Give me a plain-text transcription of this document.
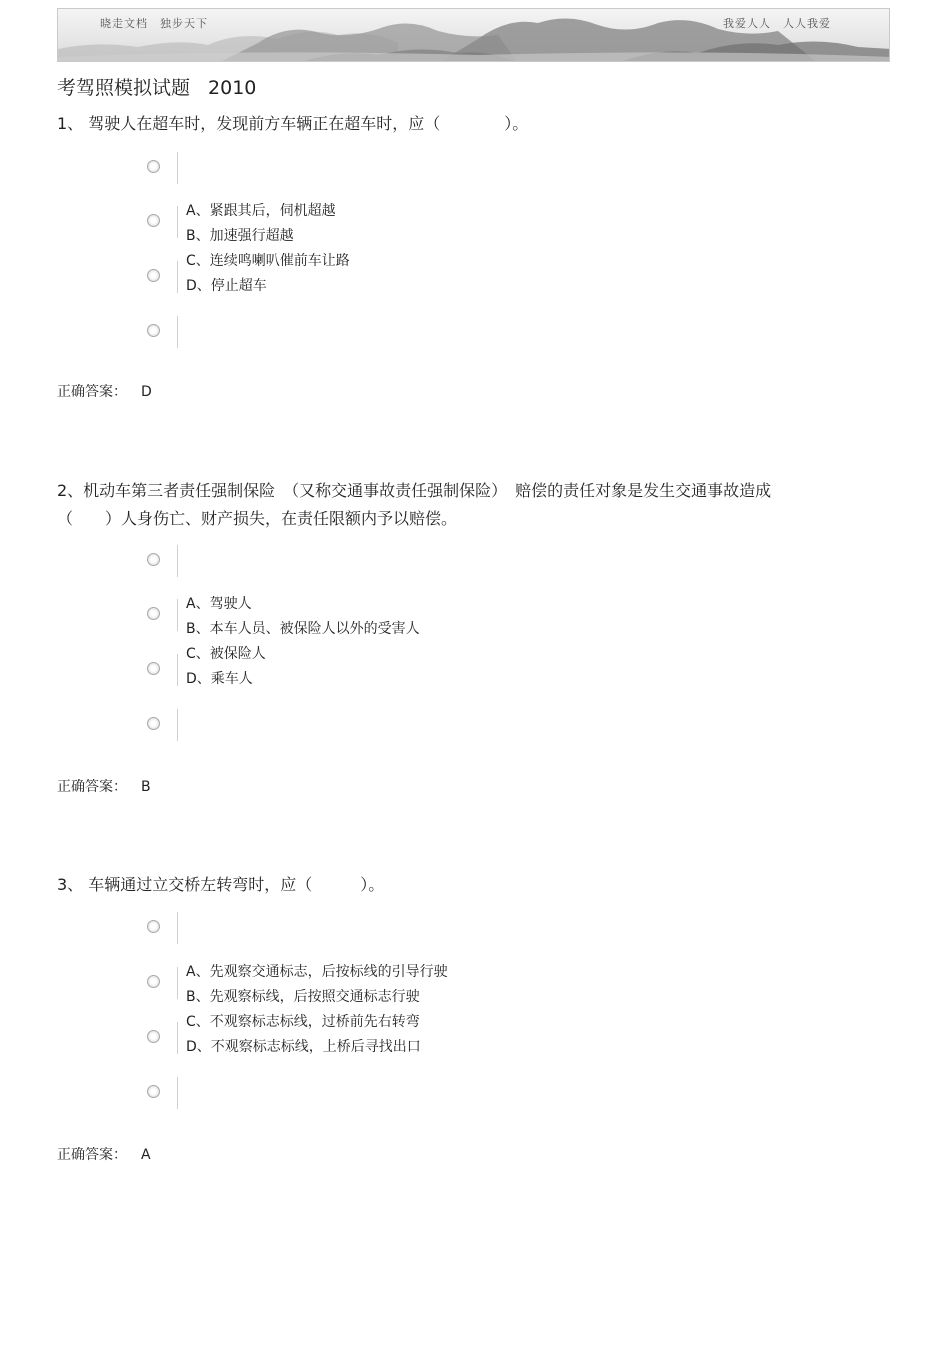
晓走文档 独步天下	我爱人人 人人我爱
考驾照模拟试题 2010
1、 驾驶人在超车时，发现前方车辆正在超车时，应（　　　　）。
A、紧跟其后，伺机超越
B、加速强行超越
C、连续鸣喇叭催前车让路
D、停止超车
正确答案： D
2、机动车第三者责任强制保险　（又称交通事故责任强制保险）　赔偿的责任对象是发生交通事故造成
（　　）人身伤亡、财产损失，在责任限额内予以赔偿。
A、驾驶人
B、本车人员、被保险人以外的受害人
C、被保险人
D、乘车人
正确答案： B
3、 车辆通过立交桥左转弯时，应（　　　）。
A、先观察交通标志，后按标线的引导行驶
B、先观察标线，后按照交通标志行驶
C、不观察标志标线，过桥前先右转弯
D、不观察标志标线，上桥后寻找出口
正确答案： A
